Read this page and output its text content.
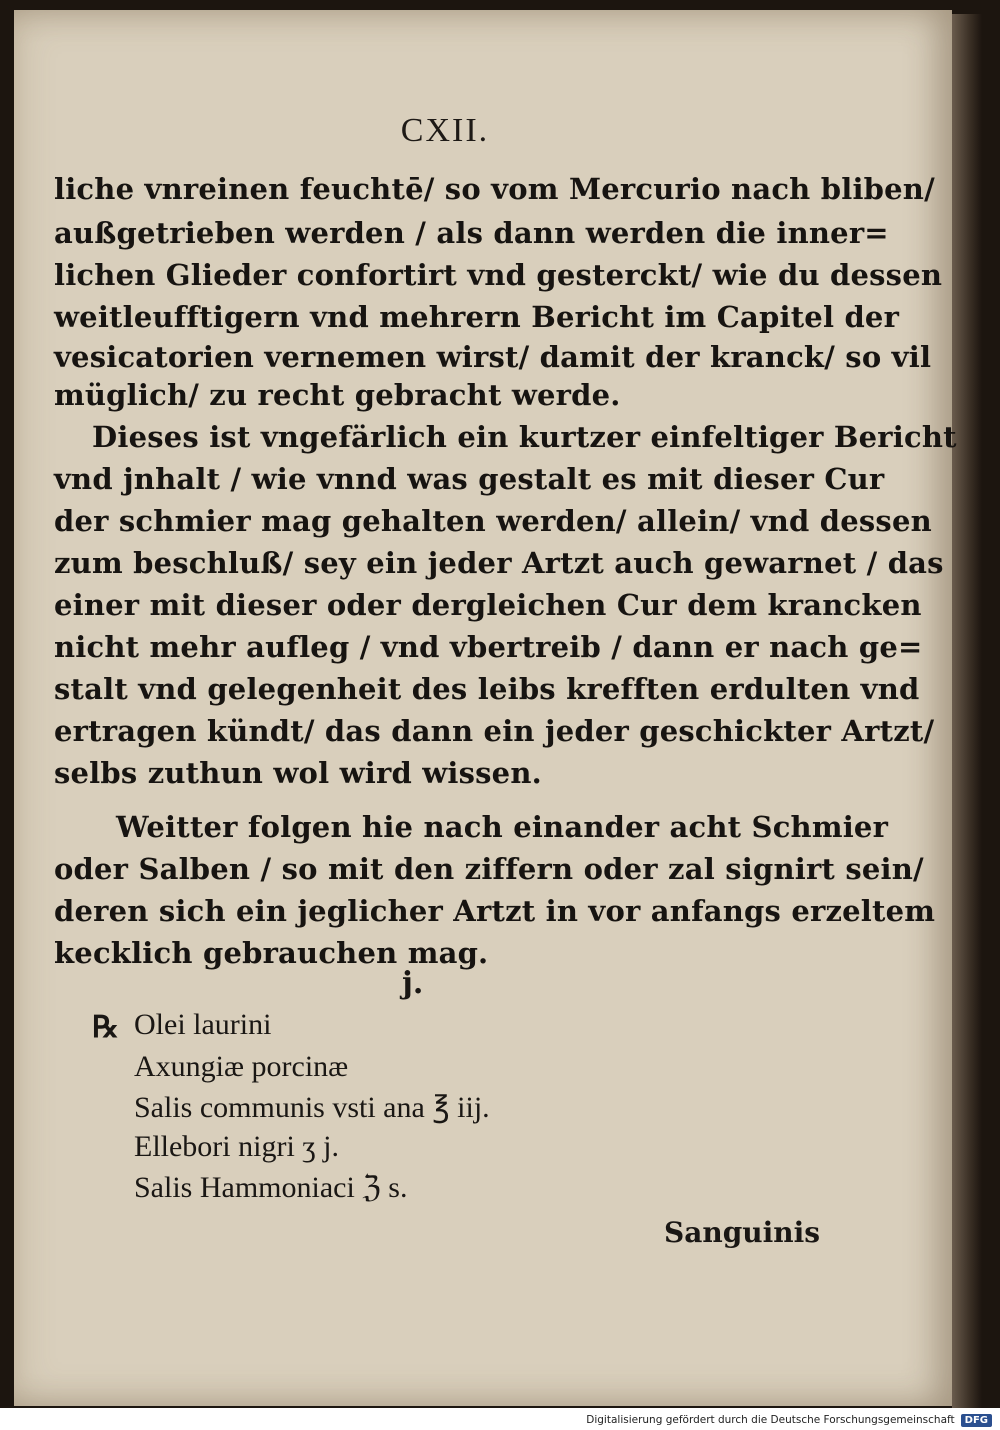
CXII.

liche vnreinen feuchtē/ so vom Mercurio nach bliben/

außgetrieben werden / als dann werden die inner=

lichen Glieder confortirt vnd gesterckt/ wie du dessen

weitleufftigern vnd mehrern Bericht im Capitel der

vesicatorien vernemen wirst/ damit der kranck/ so vil

müglich/ zu recht gebracht werde.

Dieses ist vngefärlich ein kurtzer einfeltiger Bericht

vnd jnhalt / wie vnnd was gestalt es mit dieser Cur

der schmier mag gehalten werden/ allein/ vnd dessen

zum beschluß/ sey ein jeder Artzt auch gewarnet / das

einer mit dieser oder dergleichen Cur dem krancken

nicht mehr aufleg / vnd vbertreib / dann er nach ge=

stalt vnd gelegenheit des leibs krefften erdulten vnd

ertragen kündt/ das dann ein jeder geschickter Artzt/

selbs zuthun wol wird wissen.

Weitter folgen hie nach einander acht Schmier

oder Salben / so mit den ziffern oder zal signirt sein/

deren sich ein jeglicher Artzt in vor anfangs erzeltem

kecklich gebrauchen mag.

j.
℞ Olei laurini

Axungiæ porcinæ

Salis communis vsti ana ℥ iij.

Ellebori nigri ʒ j.

Salis Hammoniaci ℨ s.

Sanguinis
Digitalisierung gefördert durch die Deutsche Forschungsgemeinschaft	DFG
